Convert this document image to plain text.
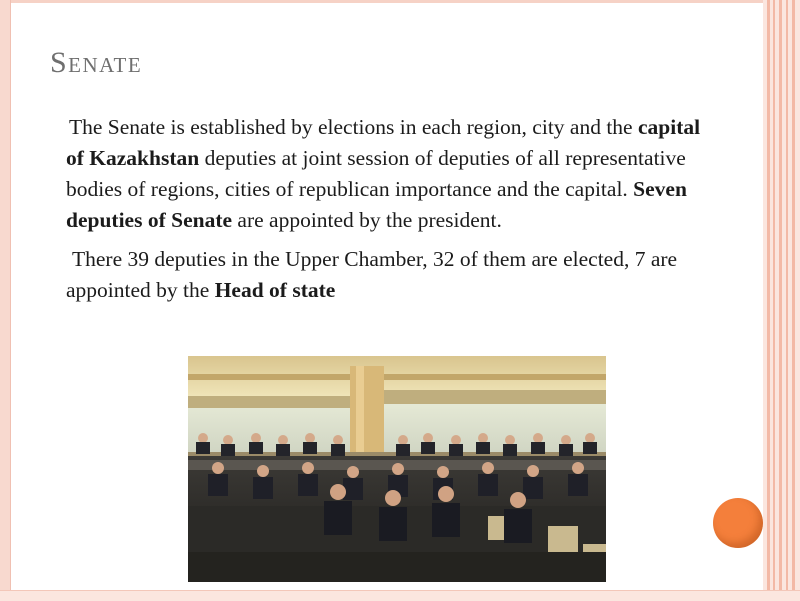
Senate

The Senate is established by elections in each region, city and the capital of Kazakhstan deputies at joint session of deputies of all representative bodies of regions, cities of republican importance and the capital. Seven deputies of Senate are appointed by the president.

There 39 deputies in the Upper Chamber, 32 of them are elected, 7 are appointed by the Head of state
